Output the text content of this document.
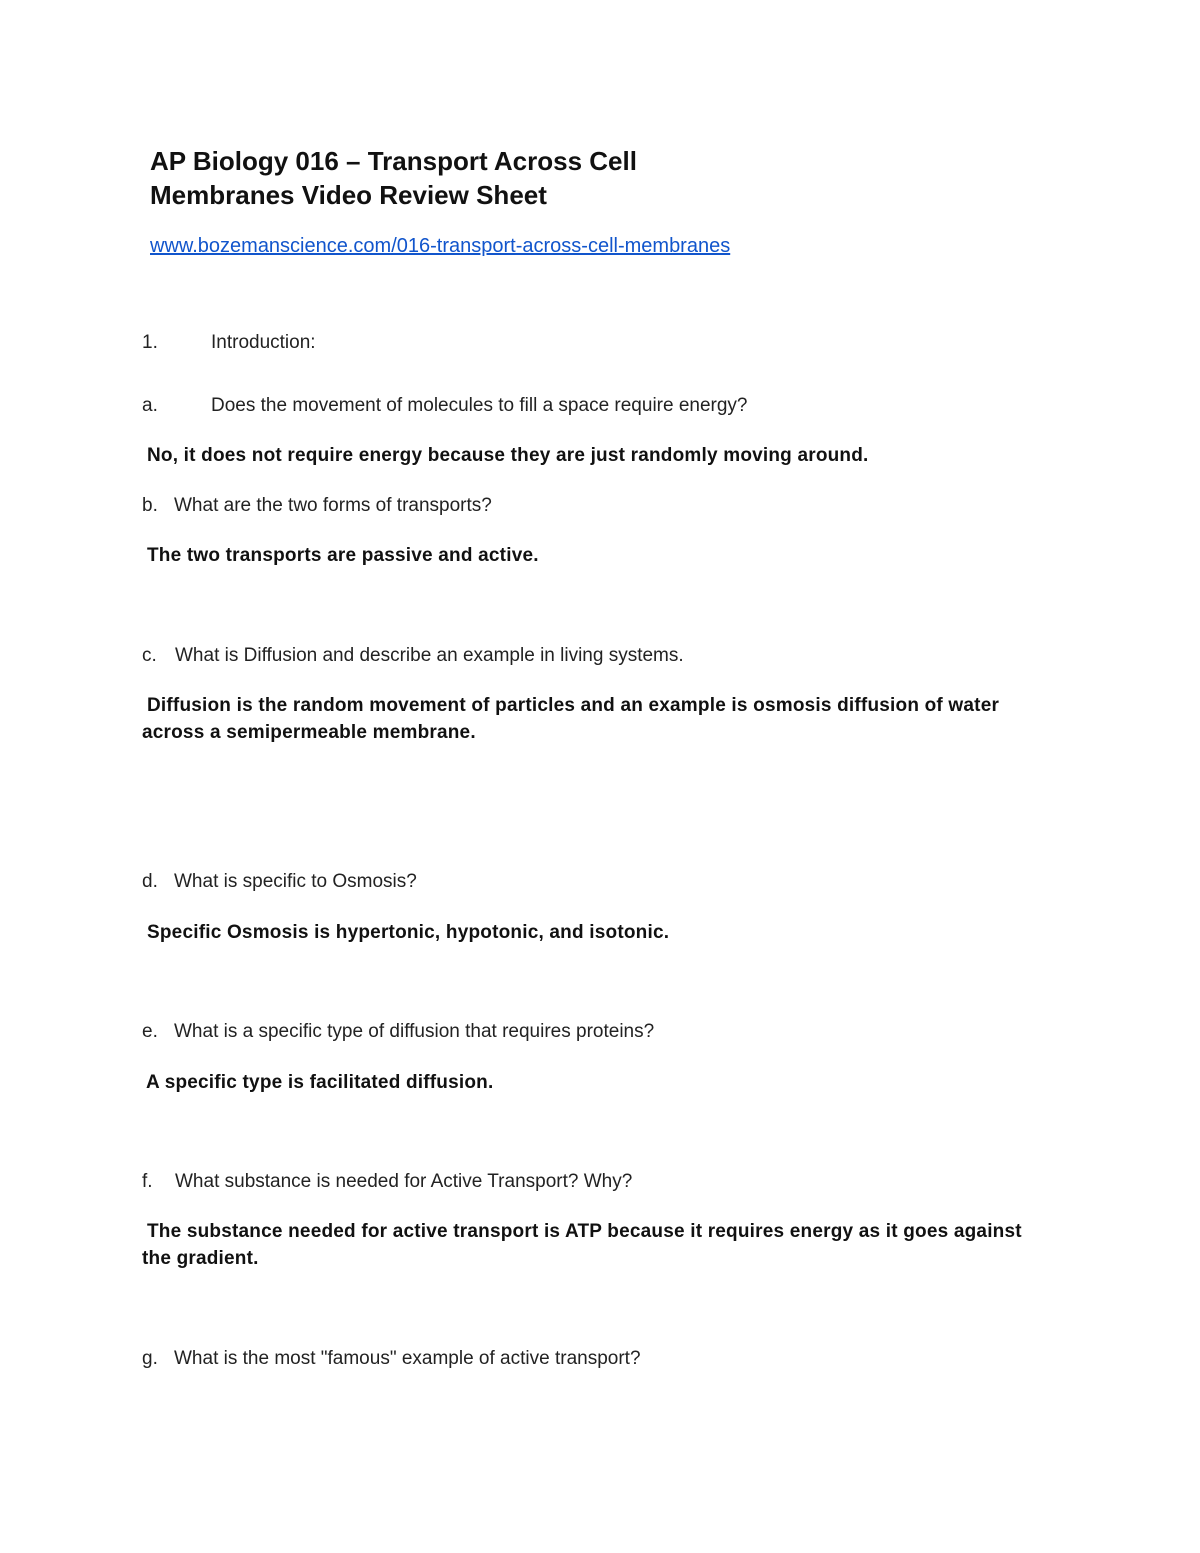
AP Biology 016 – Transport Across Cell
Membranes Video Review Sheet
www.bozemanscience.com/016-transport-across-cell-membranes
1.	Introduction:
a.	Does the movement of molecules to fill a space require energy?
No, it does not require energy because they are just randomly moving around.
b. What are the two forms of transports?
The two transports are passive and active.
c. What is Diffusion and describe an example in living systems.
Diffusion is the random movement of particles and an example is osmosis diffusion of water across a semipermeable membrane.
d. What is specific to Osmosis?
Specific Osmosis is hypertonic, hypotonic, and isotonic.
e. What is a specific type of diffusion that requires proteins?
A specific type is facilitated diffusion.
f. What substance is needed for Active Transport? Why?
The substance needed for active transport is ATP because it requires energy as it goes against the gradient.
g. What is the most "famous" example of active transport?
